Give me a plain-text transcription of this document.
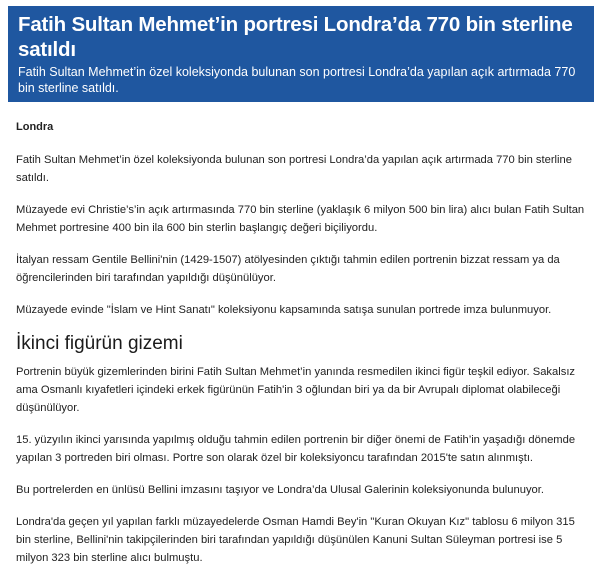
Fatih Sultan Mehmet’in portresi Londra’da 770 bin sterline satıldı

Fatih Sultan Mehmet’in özel koleksiyonda bulunan son portresi Londra’da yapılan açık artırmada 770 bin sterline satıldı.

Londra

Fatih Sultan Mehmet’in özel koleksiyonda bulunan son portresi Londra’da yapılan açık artırmada 770 bin sterline satıldı.

Müzayede evi Christie’s’in açık artırmasında 770 bin sterline (yaklaşık 6 milyon 500 bin lira) alıcı bulan Fatih Sultan Mehmet portresine 400 bin ila 600 bin sterlin başlangıç değeri biçiliyordu.

İtalyan ressam Gentile Bellini'nin (1429-1507) atölyesinden çıktığı tahmin edilen portrenin bizzat ressam ya da öğrencilerinden biri tarafından yapıldığı düşünülüyor.

Müzayede evinde "İslam ve Hint Sanatı" koleksiyonu kapsamında satışa sunulan portrede imza bulunmuyor.

İkinci figürün gizemi

Portrenin büyük gizemlerinden birini Fatih Sultan Mehmet’in yanında resmedilen ikinci figür teşkil ediyor. Sakalsız ama Osmanlı kıyafetleri içindeki erkek figürünün Fatih'in 3 oğlundan biri ya da bir Avrupalı diplomat olabileceği düşünülüyor.

15. yüzyılın ikinci yarısında yapılmış olduğu tahmin edilen portrenin bir diğer önemi de Fatih’in yaşadığı dönemde yapılan 3 portreden biri olması. Portre son olarak özel bir koleksiyoncu tarafından 2015'te satın alınmıştı.

Bu portrelerden en ünlüsü Bellini imzasını taşıyor ve Londra’da Ulusal Galerinin koleksiyonunda bulunuyor.

Londra'da geçen yıl yapılan farklı müzayedelerde Osman Hamdi Bey'in "Kuran Okuyan Kız" tablosu 6 milyon 315 bin sterline, Bellini'nin takipçilerinden biri tarafından yapıldığı düşünülen Kanuni Sultan Süleyman portresi ise 5 milyon 323 bin sterline alıcı bulmuştu.
